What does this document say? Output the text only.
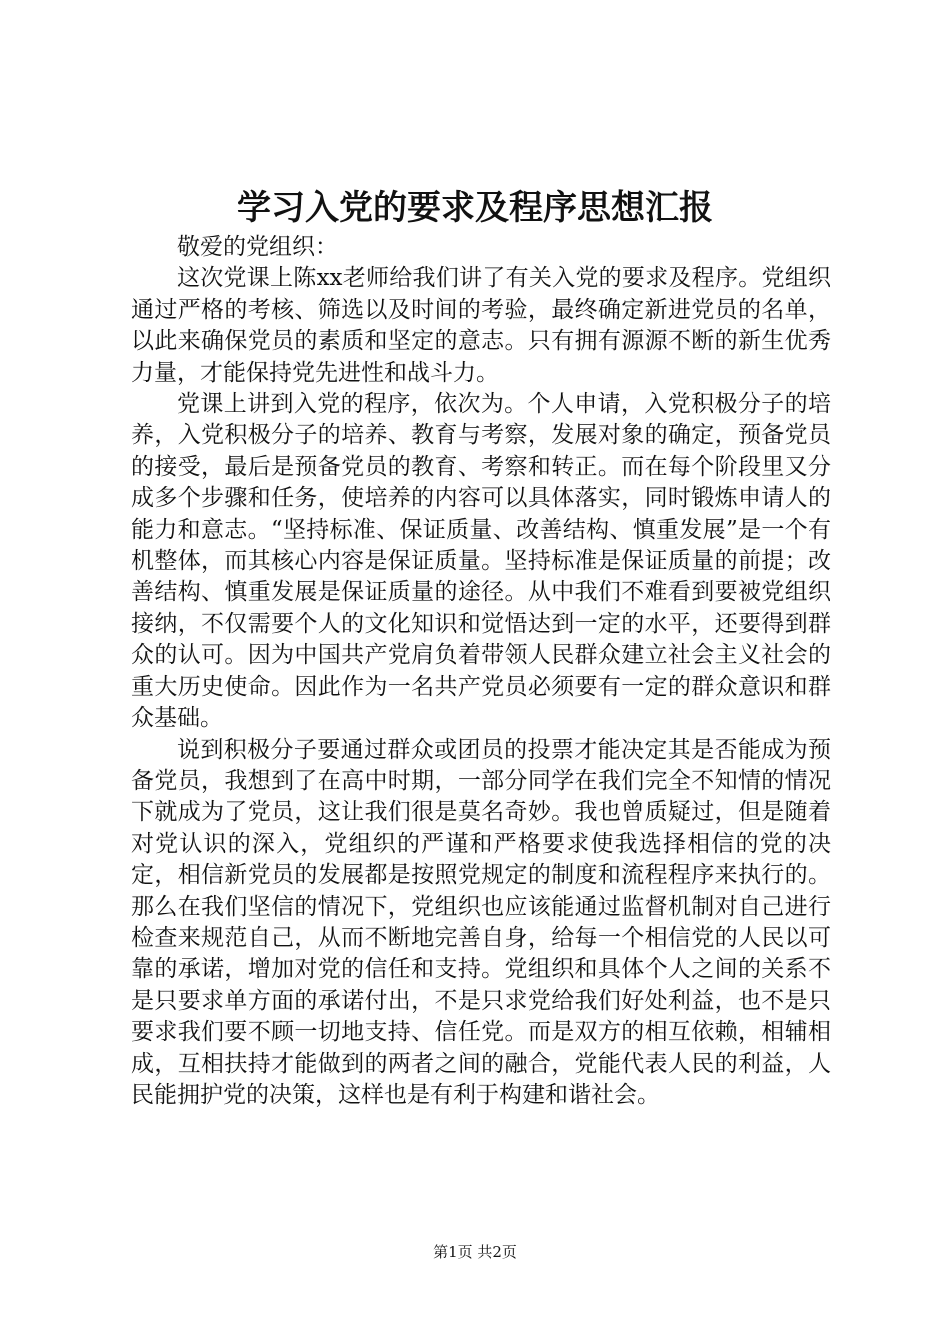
学习入党的要求及程序思想汇报

敬爱的党组织：

这次党课上陈xx老师给我们讲了有关入党的要求及程序。党组织通过严格的考核、筛选以及时间的考验，最终确定新进党员的名单，以此来确保党员的素质和坚定的意志。只有拥有源源不断的新生优秀力量，才能保持党先进性和战斗力。

党课上讲到入党的程序，依次为。个人申请，入党积极分子的培养，入党积极分子的培养、教育与考察，发展对象的确定，预备党员的接受，最后是预备党员的教育、考察和转正。而在每个阶段里又分成多个步骤和任务，使培养的内容可以具体落实，同时锻炼申请人的能力和意志。“坚持标准、保证质量、改善结构、慎重发展”是一个有机整体，而其核心内容是保证质量。坚持标准是保证质量的前提；改善结构、慎重发展是保证质量的途径。从中我们不难看到要被党组织接纳，不仅需要个人的文化知识和觉悟达到一定的水平，还要得到群众的认可。因为中国共产党肩负着带领人民群众建立社会主义社会的重大历史使命。因此作为一名共产党员必须要有一定的群众意识和群众基础。

说到积极分子要通过群众或团员的投票才能决定其是否能成为预备党员，我想到了在高中时期，一部分同学在我们完全不知情的情况下就成为了党员，这让我们很是莫名奇妙。我也曾质疑过，但是随着对党认识的深入，党组织的严谨和严格要求使我选择相信的党的决定，相信新党员的发展都是按照党规定的制度和流程程序来执行的。那么在我们坚信的情况下，党组织也应该能通过监督机制对自己进行检查来规范自己，从而不断地完善自身，给每一个相信党的人民以可靠的承诺，增加对党的信任和支持。党组织和具体个人之间的关系不是只要求单方面的承诺付出，不是只求党给我们好处利益，也不是只要求我们要不顾一切地支持、信任党。而是双方的相互依赖，相辅相成，互相扶持才能做到的两者之间的融合，党能代表人民的利益，人民能拥护党的决策，这样也是有利于构建和谐社会。

第1页 共2页
